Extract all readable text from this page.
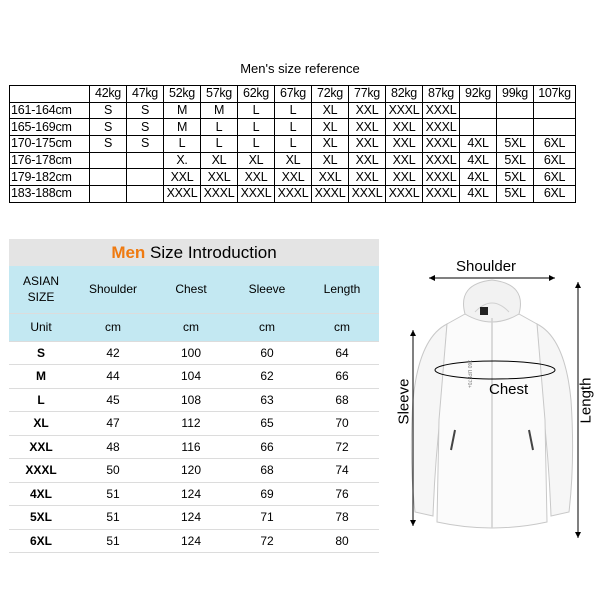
Men's size reference
	42kg	47kg	52kg	57kg	62kg	67kg	72kg	77kg	82kg	87kg	92kg	99kg	107kg
161-164cm	S	S	M	M	L	L	XL	XXL	XXXL	XXXL			
165-169cm	S	S	M	L	L	L	XL	XXL	XXL	XXXL			
170-175cm	S	S	L	L	L	L	XL	XXL	XXL	XXXL	4XL	5XL	6XL
176-178cm			X.	XL	XL	XL	XL	XXL	XXL	XXXL	4XL	5XL	6XL
179-182cm			XXL	XXL	XXL	XXL	XXL	XXL	XXL	XXXL	4XL	5XL	6XL
183-188cm			XXXL	XXXL	XXXL	XXXL	XXXL	XXXL	XXXL	XXXL	4XL	5XL	6XL
Men Size Introduction
ASIAN SIZE	Shoulder	Chest	Sleeve	Length
Unit	cm	cm	cm	cm
S	42	100	60	64
M	44	104	62	66
L	45	108	63	68
XL	47	112	65	70
XXL	48	116	66	72
XXXL	50	120	68	74
4XL	51	124	69	76
5XL	51	124	71	78
6XL	51	124	72	80
360 UPF70+
Shoulder
Chest
Sleeve	Length
